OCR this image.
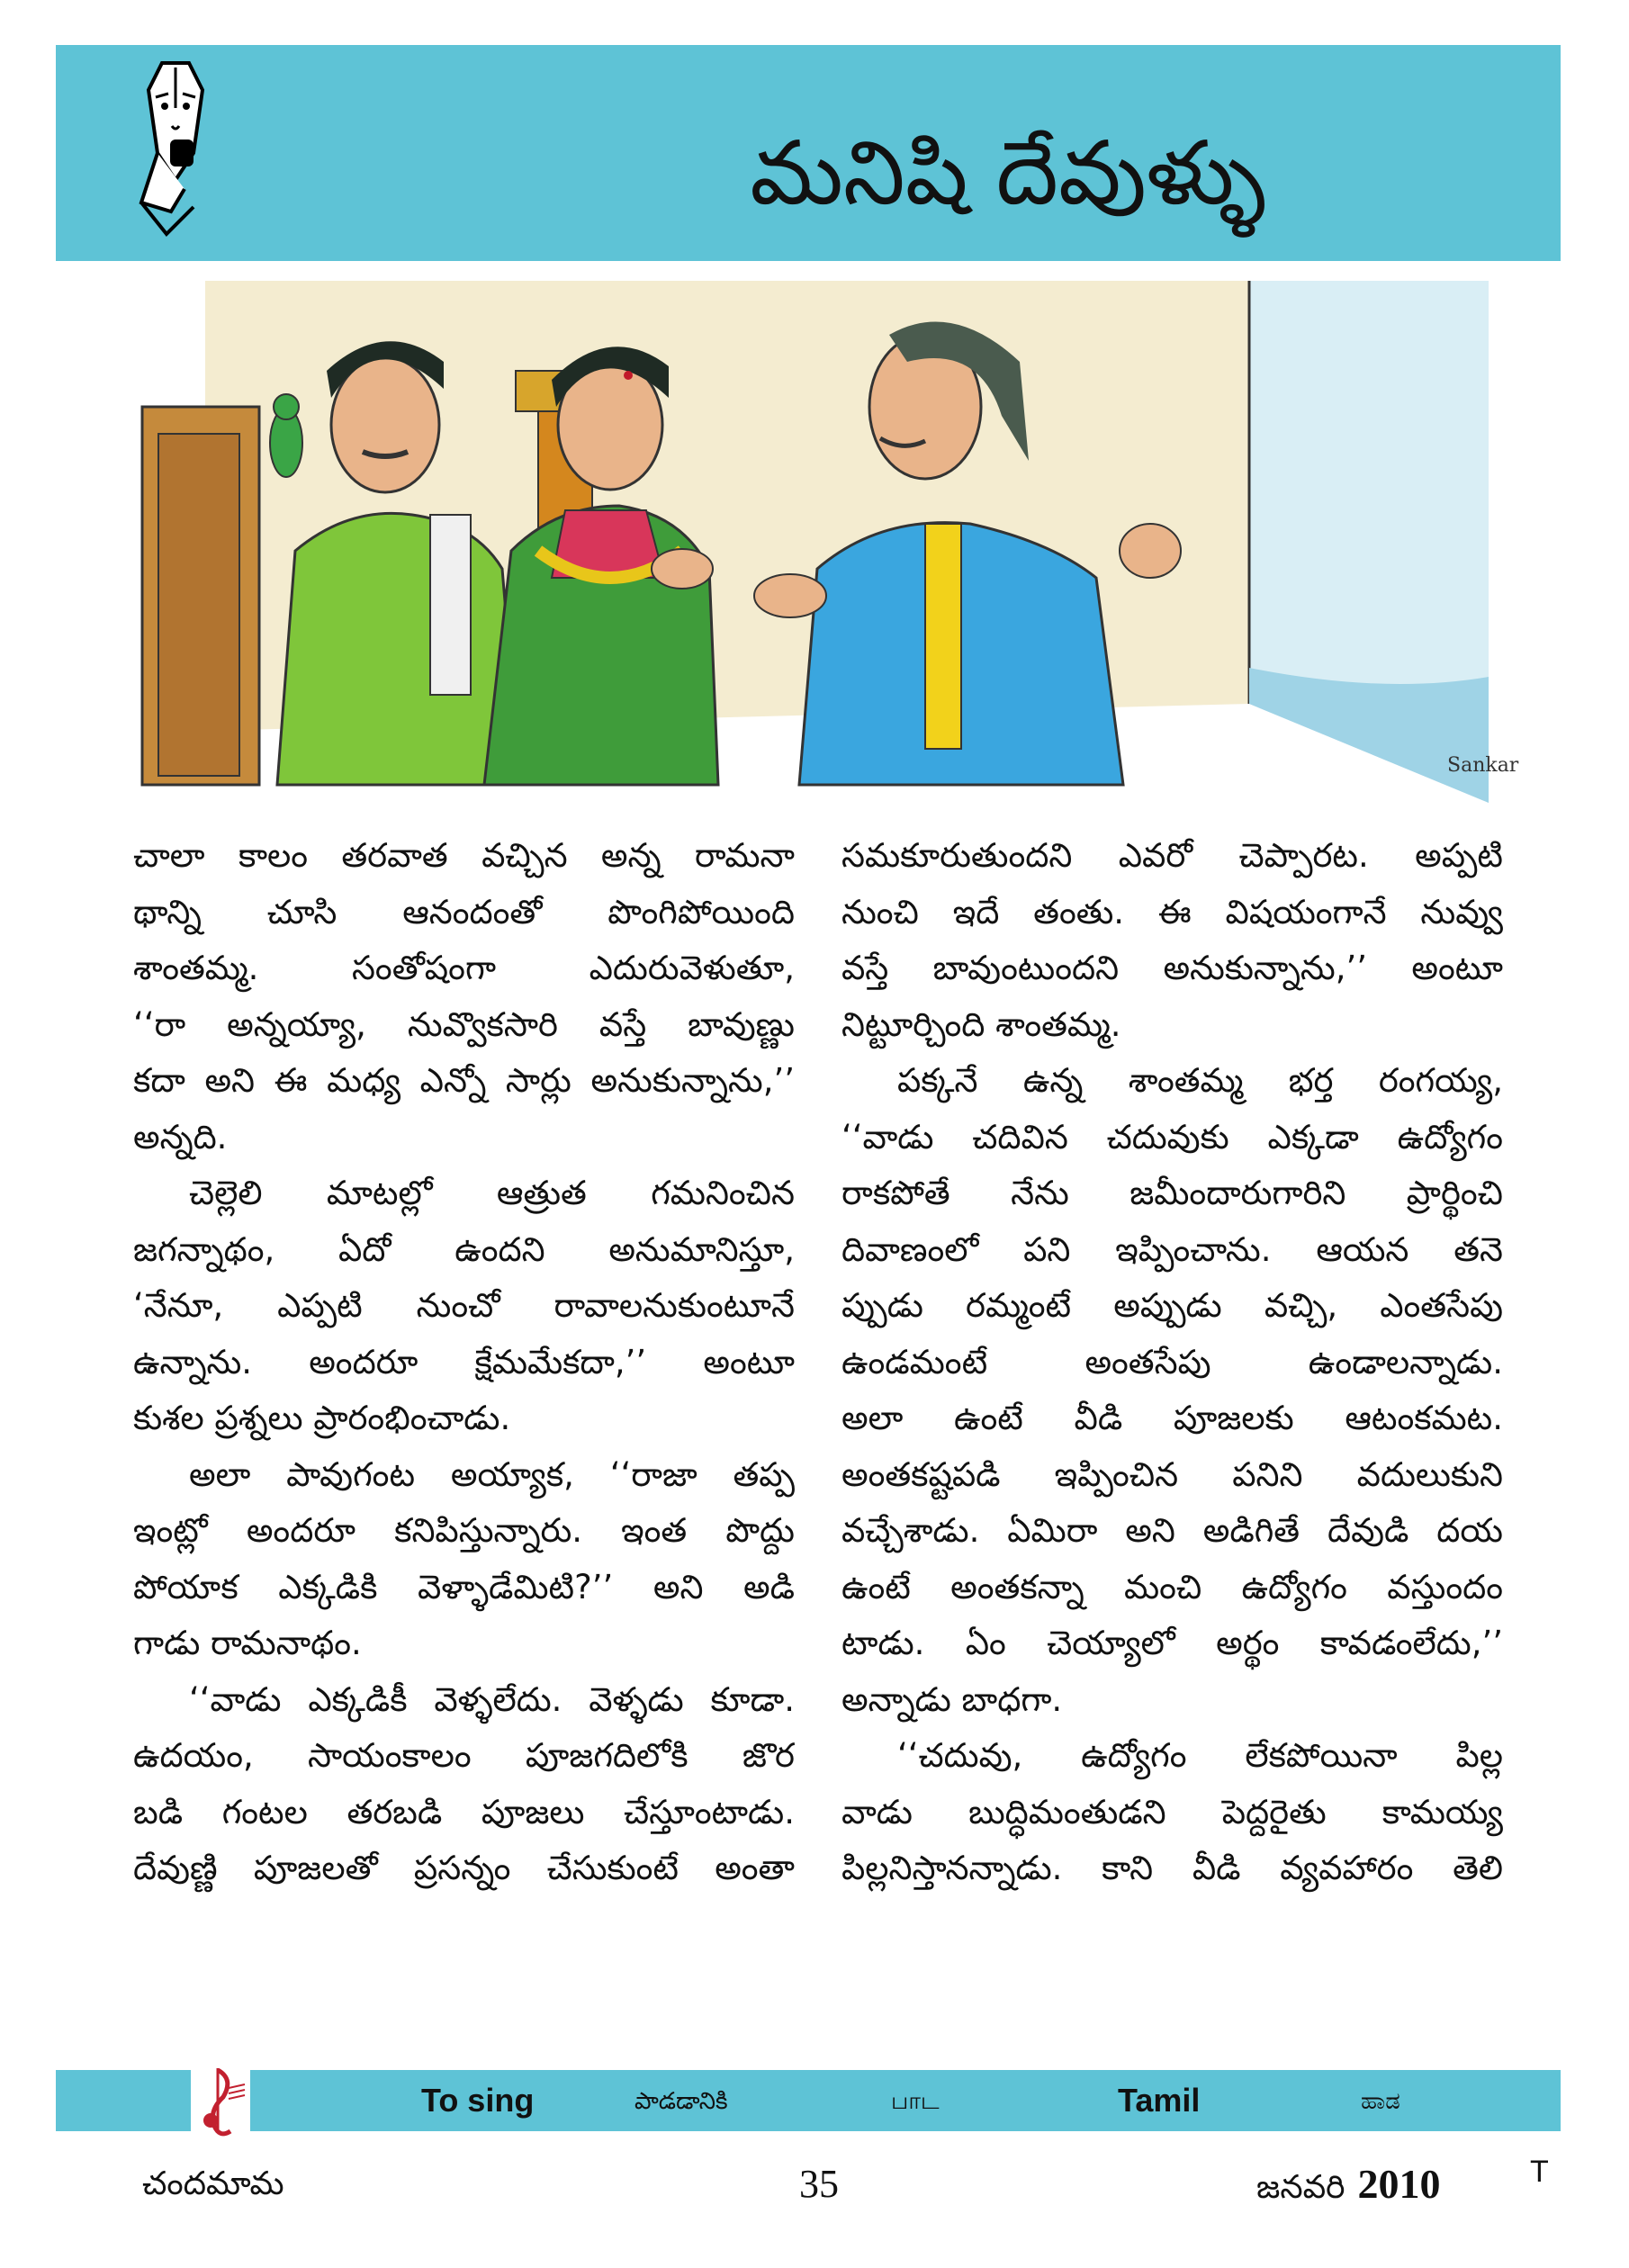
మనిషి దేవుళ్ళు
Sankar
చాలా కాలం తరవాత వచ్చిన అన్న రామనా
థాన్ని చూసి ఆనందంతో పొంగిపోయింది
శాంతమ్మ. సంతోషంగా ఎదురువెళుతూ,
‘‘రా అన్నయ్యా, నువ్వొకసారి వస్తే బావుణ్ణు
కదా అని ఈ మధ్య ఎన్నో సార్లు అనుకున్నాను,’’
అన్నది.
చెల్లెలి మాటల్లో ఆత్రుత గమనించిన
జగన్నాథం, ఏదో ఉందని అనుమానిస్తూ,
‘నేనూ, ఎప్పటి నుంచో రావాలనుకుంటూనే
ఉన్నాను. అందరూ క్షేమమేకదా,’’ అంటూ
కుశల ప్రశ్నలు ప్రారంభించాడు.
అలా పావుగంట అయ్యాక, ‘‘రాజా తప్ప
ఇంట్లో అందరూ కనిపిస్తున్నారు. ఇంత పొద్దు
పోయాక ఎక్కడికి వెళ్ళాడేమిటి?’’ అని అడి
గాడు రామనాథం.
‘‘వాడు ఎక్కడికీ వెళ్ళలేదు. వెళ్ళడు కూడా.
ఉదయం, సాయంకాలం పూజగదిలోకి జొర
బడి గంటల తరబడి పూజలు చేస్తూంటాడు.
దేవుణ్ణి పూజలతో ప్రసన్నం చేసుకుంటే అంతా
సమకూరుతుందని ఎవరో చెప్పారట. అప్పటి
నుంచి ఇదే తంతు. ఈ విషయంగానే నువ్వు
వస్తే బావుంటుందని అనుకున్నాను,’’ అంటూ
నిట్టూర్చింది శాంతమ్మ.
పక్కనే ఉన్న శాంతమ్మ భర్త రంగయ్య,
‘‘వాడు చదివిన చదువుకు ఎక్కడా ఉద్యోగం
రాకపోతే నేను జమీందారుగారిని ప్రార్థించి
దివాణంలో పని ఇప్పించాను. ఆయన తనె
ప్పుడు రమ్మంటే అప్పుడు వచ్చి, ఎంతసేపు
ఉండమంటే అంతసేపు ఉండాలన్నాడు.
అలా ఉంటే వీడి పూజలకు ఆటంకమట.
అంతకష్టపడి ఇప్పించిన పనిని వదులుకుని
వచ్చేశాడు. ఏమిరా అని అడిగితే దేవుడి దయ
ఉంటే అంతకన్నా మంచి ఉద్యోగం వస్తుందం
టాడు. ఏం చెయ్యాలో అర్థం కావడంలేదు,’’
అన్నాడు బాధగా.
‘‘చదువు, ఉద్యోగం లేకపోయినా పిల్ల
వాడు బుద్ధిమంతుడని పెద్దరైతు కామయ్య
పిల్లనిస్తానన్నాడు. కాని వీడి వ్యవహారం తెలి
To sing	పాడడానికి	பாட	Tamil	ಹಾಡ
చందమామ	35	జనవరి 2010	T
